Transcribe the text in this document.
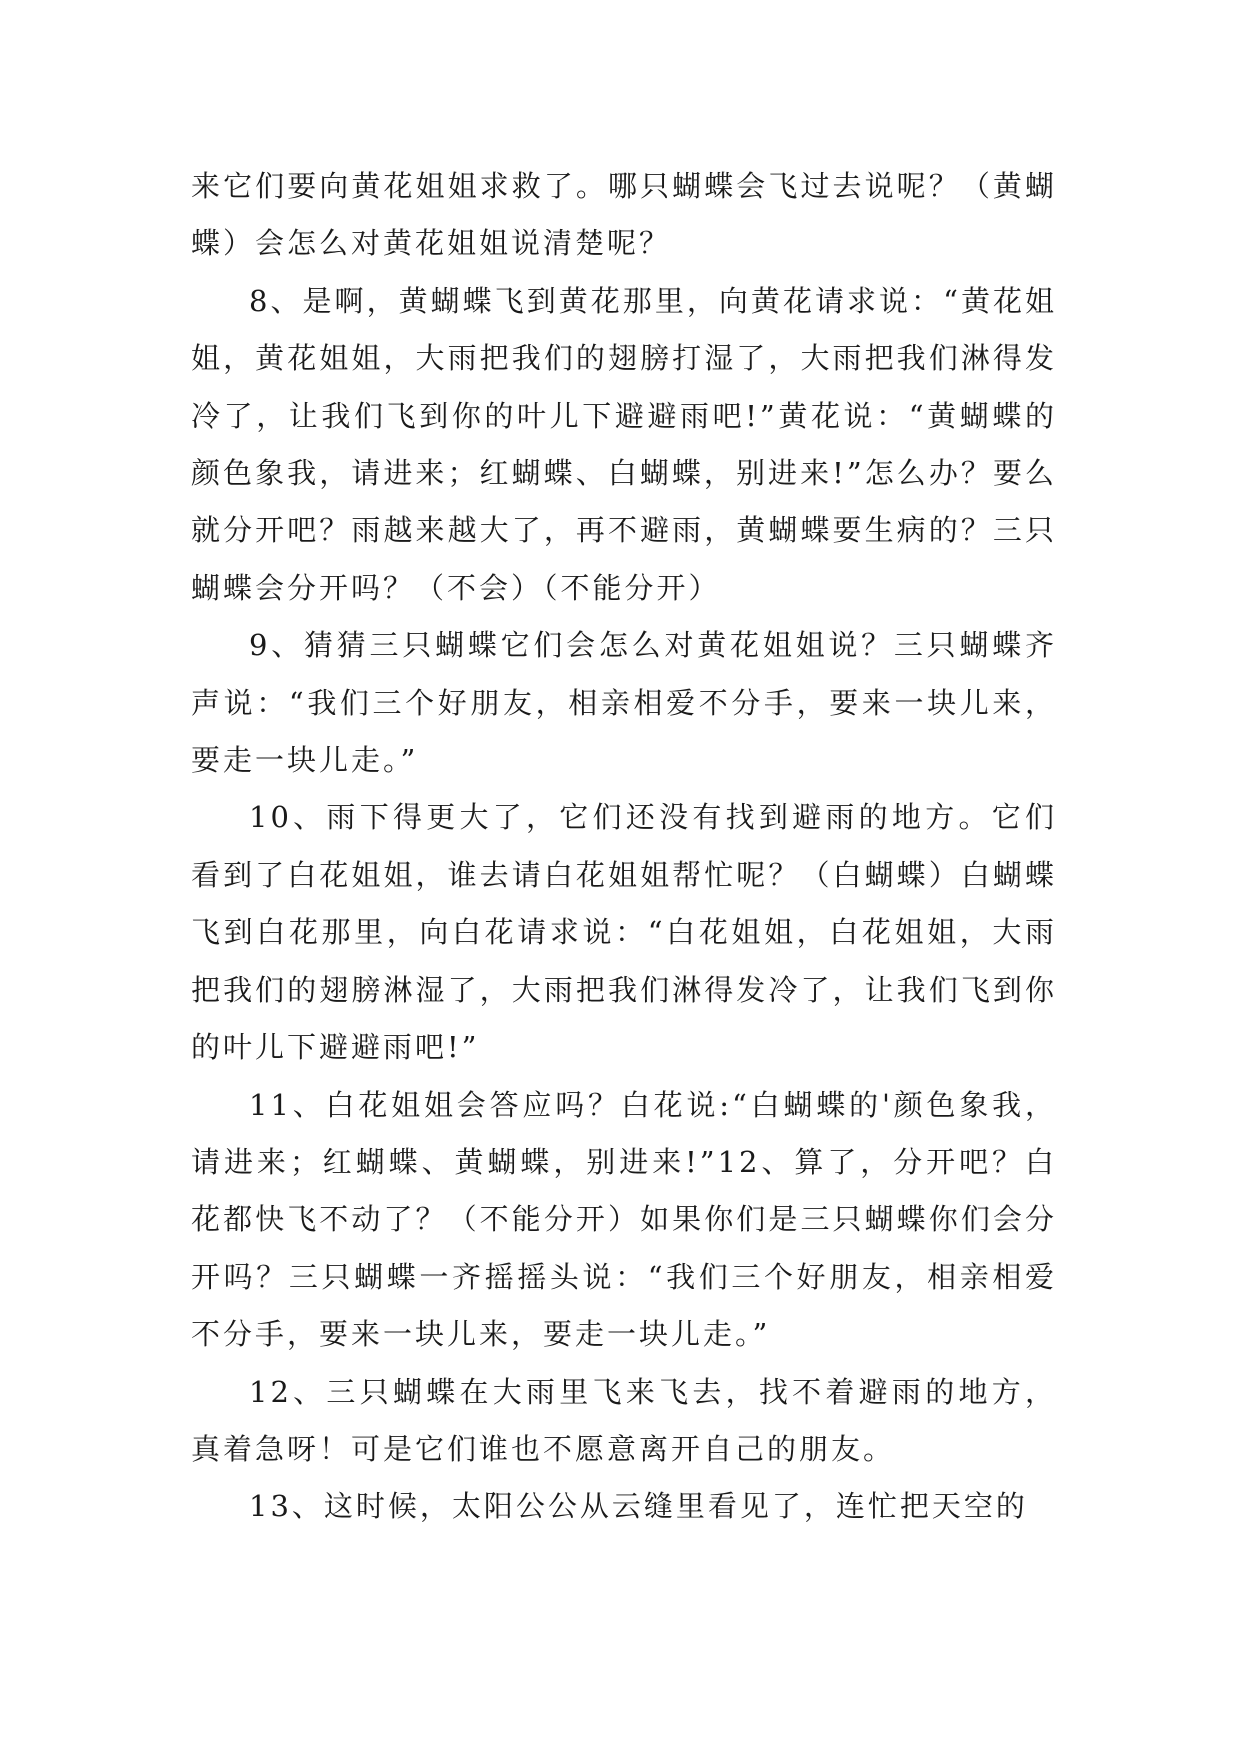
来它们要向黄花姐姐求救了。哪只蝴蝶会飞过去说呢？（黄蝴蝶）会怎么对黄花姐姐说清楚呢？

8、是啊，黄蝴蝶飞到黄花那里，向黄花请求说：“黄花姐姐，黄花姐姐，大雨把我们的翅膀打湿了，大雨把我们淋得发冷了，让我们飞到你的叶儿下避避雨吧!”黄花说：“黄蝴蝶的颜色象我，请进来；红蝴蝶、白蝴蝶，别进来!”怎么办？要么就分开吧？雨越来越大了，再不避雨，黄蝴蝶要生病的？三只蝴蝶会分开吗？（不会）（不能分开）

9、猜猜三只蝴蝶它们会怎么对黄花姐姐说？三只蝴蝶齐声说：“我们三个好朋友，相亲相爱不分手，要来一块儿来，要走一块儿走。”

10、雨下得更大了，它们还没有找到避雨的地方。它们看到了白花姐姐，谁去请白花姐姐帮忙呢？（白蝴蝶）白蝴蝶飞到白花那里，向白花请求说：“白花姐姐，白花姐姐，大雨把我们的翅膀淋湿了，大雨把我们淋得发冷了，让我们飞到你的叶儿下避避雨吧!”

11、白花姐姐会答应吗？白花说:“白蝴蝶的'颜色象我，请进来；红蝴蝶、黄蝴蝶，别进来!”12、算了，分开吧？白花都快飞不动了？（不能分开）如果你们是三只蝴蝶你们会分开吗？三只蝴蝶一齐摇摇头说：“我们三个好朋友，相亲相爱不分手，要来一块儿来，要走一块儿走。”

12、三只蝴蝶在大雨里飞来飞去，找不着避雨的地方，真着急呀！可是它们谁也不愿意离开自己的朋友。

13、这时候，太阳公公从云缝里看见了，连忙把天空的
